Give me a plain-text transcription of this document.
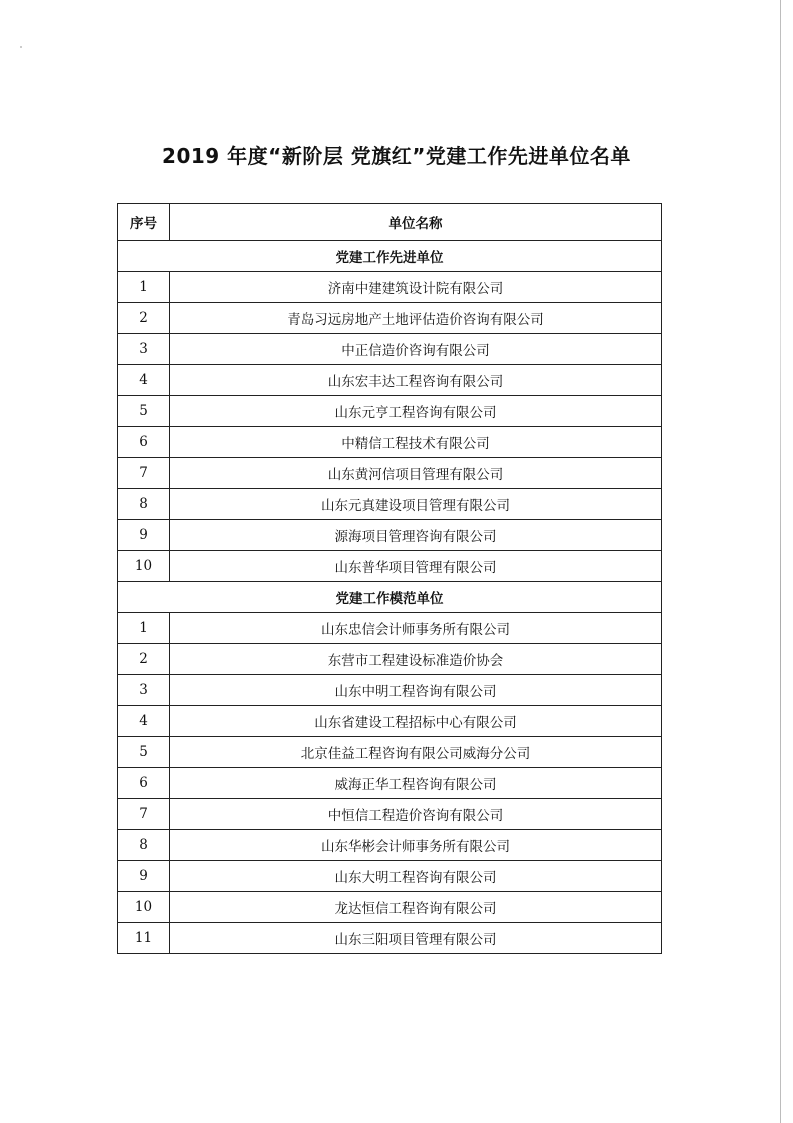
2019 年度“新阶层 党旗红”党建工作先进单位名单
序号	单位名称
党建工作先进单位	
1	济南中建建筑设计院有限公司
2	青岛习远房地产土地评估造价咨询有限公司
3	中正信造价咨询有限公司
4	山东宏丰达工程咨询有限公司
5	山东元亨工程咨询有限公司
6	中精信工程技术有限公司
7	山东黄河信项目管理有限公司
8	山东元真建设项目管理有限公司
9	源海项目管理咨询有限公司
10	山东普华项目管理有限公司
党建工作模范单位	
1	山东忠信会计师事务所有限公司
2	东营市工程建设标准造价协会
3	山东中明工程咨询有限公司
4	山东省建设工程招标中心有限公司
5	北京佳益工程咨询有限公司威海分公司
6	威海正华工程咨询有限公司
7	中恒信工程造价咨询有限公司
8	山东华彬会计师事务所有限公司
9	山东大明工程咨询有限公司
10	龙达恒信工程咨询有限公司
11	山东三阳项目管理有限公司
